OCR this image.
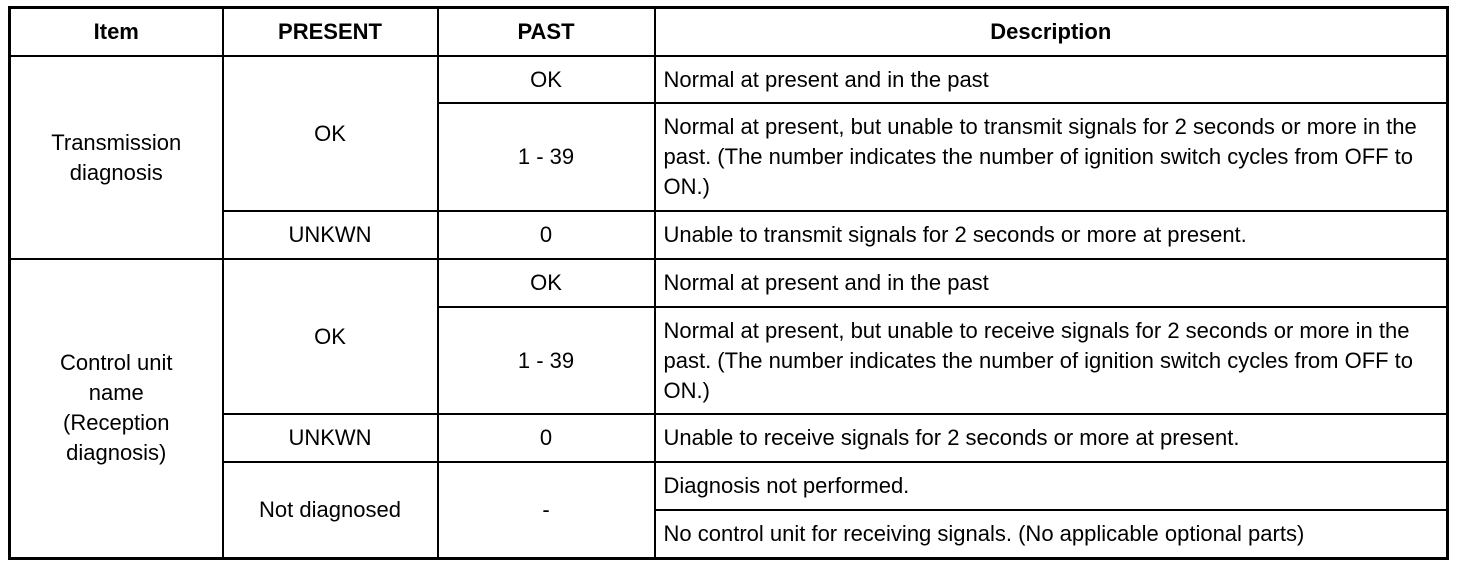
Item	PRESENT	PAST	Description
Transmission diagnosis	OK	OK	Normal at present and in the past
		1 - 39	Normal at present, but unable to transmit signals for 2 seconds or more in the past. (The number indicates the number of ignition switch cycles from OFF to ON.)
	UNKWN	0	Unable to transmit signals for 2 seconds or more at present.
Control unit name (Reception diagnosis)	OK	OK	Normal at present and in the past
		1 - 39	Normal at present, but unable to receive signals for 2 seconds or more in the past. (The number indicates the number of ignition switch cycles from OFF to ON.)
	UNKWN	0	Unable to receive signals for 2 seconds or more at present.
	Not diagnosed	-	Diagnosis not performed.
			No control unit for receiving signals. (No applicable optional parts)
